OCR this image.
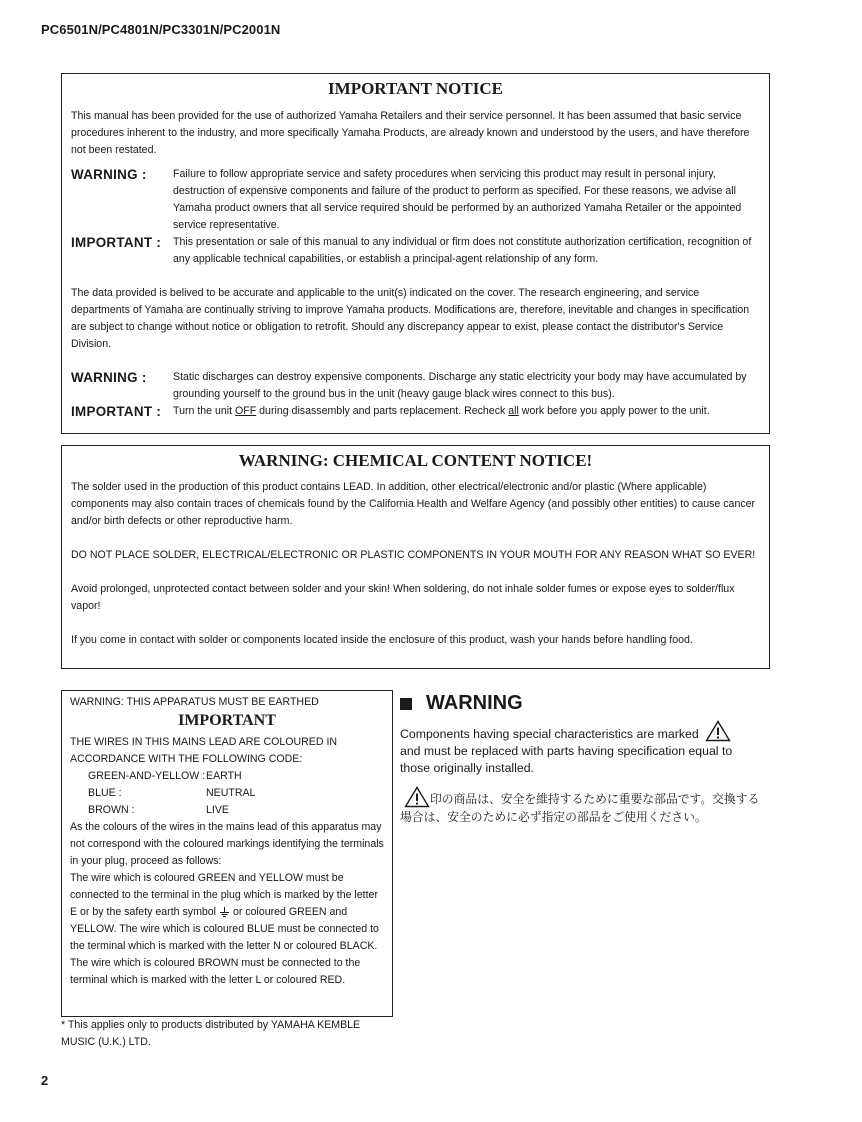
PC6501N/PC4801N/PC3301N/PC2001N
IMPORTANT NOTICE

This manual has been provided for the use of authorized Yamaha Retailers and their service personnel. It has been assumed that basic service procedures inherent to the industry, and more specifically Yamaha Products, are already known and understood by the users, and have therefore not been restated.

WARNING :	Failure to follow appropriate service and safety procedures when servicing this product may result in personal injury, destruction of expensive components and failure of the product to perform as specified. For these reasons, we advise all Yamaha product owners that all service required should be performed by an authorized Yamaha Retailer or the appointed service representative.
IMPORTANT :	This presentation or sale of this manual to any individual or firm does not constitute authorization certification, recognition of any applicable technical capabilities, or establish a principal-agent relationship of any form.

The data provided is belived to be accurate and applicable to the unit(s) indicated on the cover. The research engineering, and service departments of Yamaha are continually striving to improve Yamaha products. Modifications are, therefore, inevitable and changes in specification are subject to change without notice or obligation to retrofit. Should any discrepancy appear to exist, please contact the distributor's Service Division.

WARNING :	Static discharges can destroy expensive components. Discharge any static electricity your body may have accumulated by grounding yourself to the ground bus in the unit (heavy gauge black wires connect to this bus).
IMPORTANT :	Turn the unit OFF during disassembly and parts replacement. Recheck all work before you apply power to the unit.
WARNING: CHEMICAL CONTENT NOTICE!

The solder used in the production of this product contains LEAD. In addition, other electrical/electronic and/or plastic (Where applicable) components may also contain traces of chemicals found by the California Health and Welfare Agency (and possibly other entities) to cause cancer and/or birth defects or other reproductive harm.

DO NOT PLACE SOLDER, ELECTRICAL/ELECTRONIC OR PLASTIC COMPONENTS IN YOUR MOUTH FOR ANY REASON WHAT SO EVER!

Avoid prolonged, unprotected contact between solder and your skin! When soldering, do not inhale solder fumes or expose eyes to solder/flux vapor!

If you come in contact with solder or components located inside the enclosure of this product, wash your hands before handling food.

WARNING: THIS APPARATUS MUST BE EARTHED
IMPORTANT

THE WIRES IN THIS MAINS LEAD ARE COLOURED IN ACCORDANCE WITH THE FOLLOWING CODE:

GREEN-AND-YELLOW : EARTH
BLUE :	NEUTRAL
BROWN :	LIVE

As the colours of the wires in the mains lead of this apparatus may not correspond with the coloured markings identifying the terminals in your plug, proceed as follows:

The wire which is coloured GREEN and YELLOW must be connected to the terminal in the plug which is marked by the letter E or by the safety earth symbol or coloured GREEN and YELLOW. The wire which is coloured BLUE must be connected to the terminal which is marked with the letter N or coloured BLACK.

The wire which is coloured BROWN must be connected to the terminal which is marked with the letter L or coloured RED.

* This applies only to products distributed by YAMAHA KEMBLE MUSIC (U.K.) LTD.
WARNING
Components having special characteristics are marked  and must be replaced with parts having specification equal to those originally installed.
印の商品は、安全を維持するために重要な部品です。交換する場合は、安全のために必ず指定の部品をご使用ください。
2
